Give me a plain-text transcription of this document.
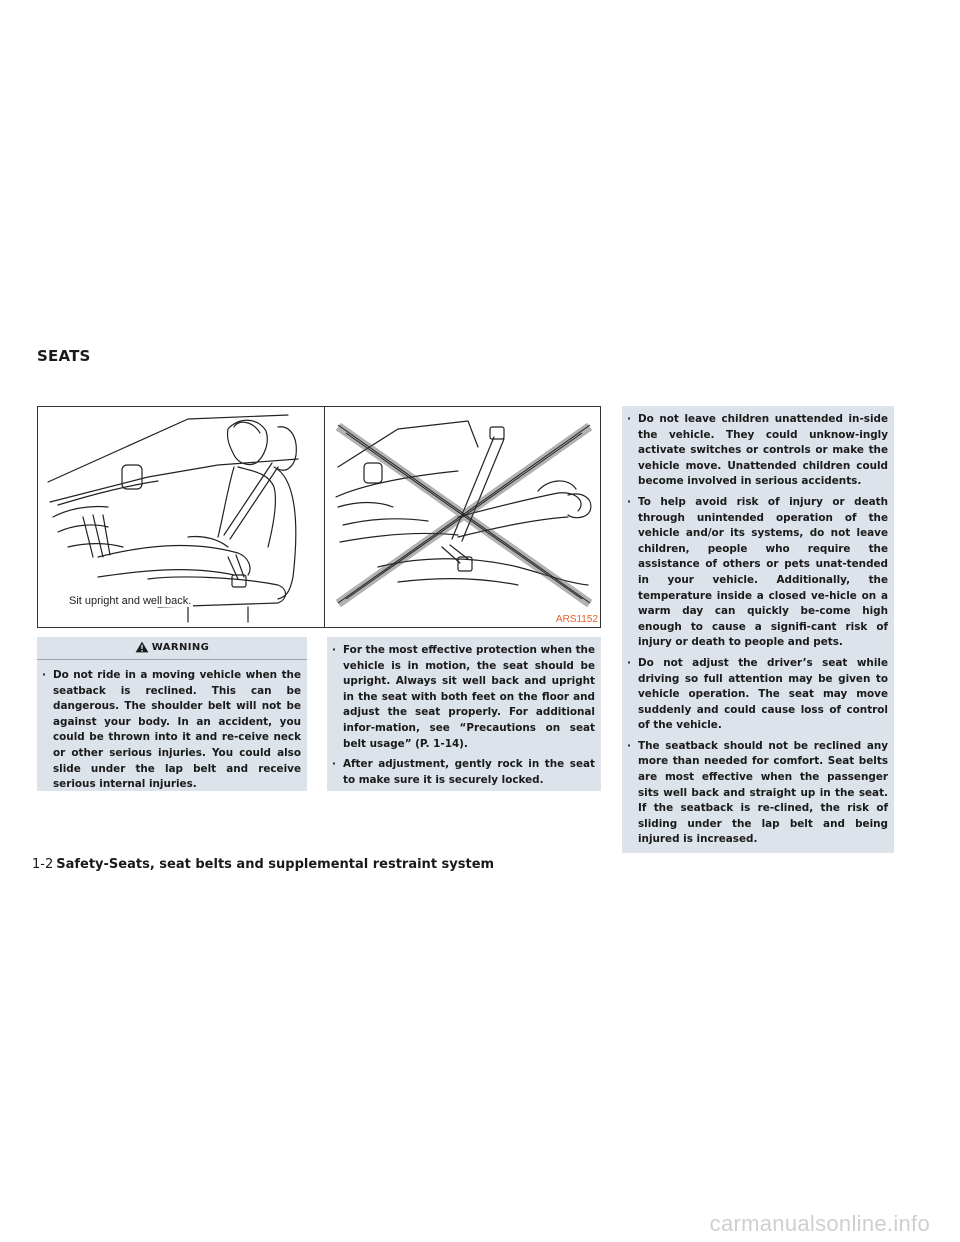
SEATS
Sit upright and well back.
ARS1152
WARNING
· Do not ride in a moving vehicle when the seatback is reclined. This can be dangerous. The shoulder belt will not be against your body. In an accident, you could be thrown into it and re-ceive neck or other serious injuries. You could also slide under the lap belt and receive serious internal injuries.
· For the most effective protection when the vehicle is in motion, the seat should be upright. Always sit well back and upright in the seat with both feet on the floor and adjust the seat properly. For additional infor-mation, see “Precautions on seat belt usage” (P. 1-14).
· After adjustment, gently rock in the seat to make sure it is securely locked.
· Do not leave children unattended in-side the vehicle. They could unknow-ingly activate switches or controls or make the vehicle move. Unattended children could become involved in serious accidents.
· To help avoid risk of injury or death through unintended operation of the vehicle and/or its systems, do not leave children, people who require the assistance of others or pets unat-tended in your vehicle. Additionally, the temperature inside a closed ve-hicle on a warm day can quickly be-come high enough to cause a signifi-cant risk of injury or death to people and pets.
· Do not adjust the driver’s seat while driving so full attention may be given to vehicle operation. The seat may move suddenly and could cause loss of control of the vehicle.
· The seatback should not be reclined any more than needed for comfort. Seat belts are most effective when the passenger sits well back and straight up in the seat. If the seatback is re-clined, the risk of sliding under the lap belt and being injured is increased.
1-2 Safety-Seats, seat belts and supplemental restraint system
carmanualsonline.info
